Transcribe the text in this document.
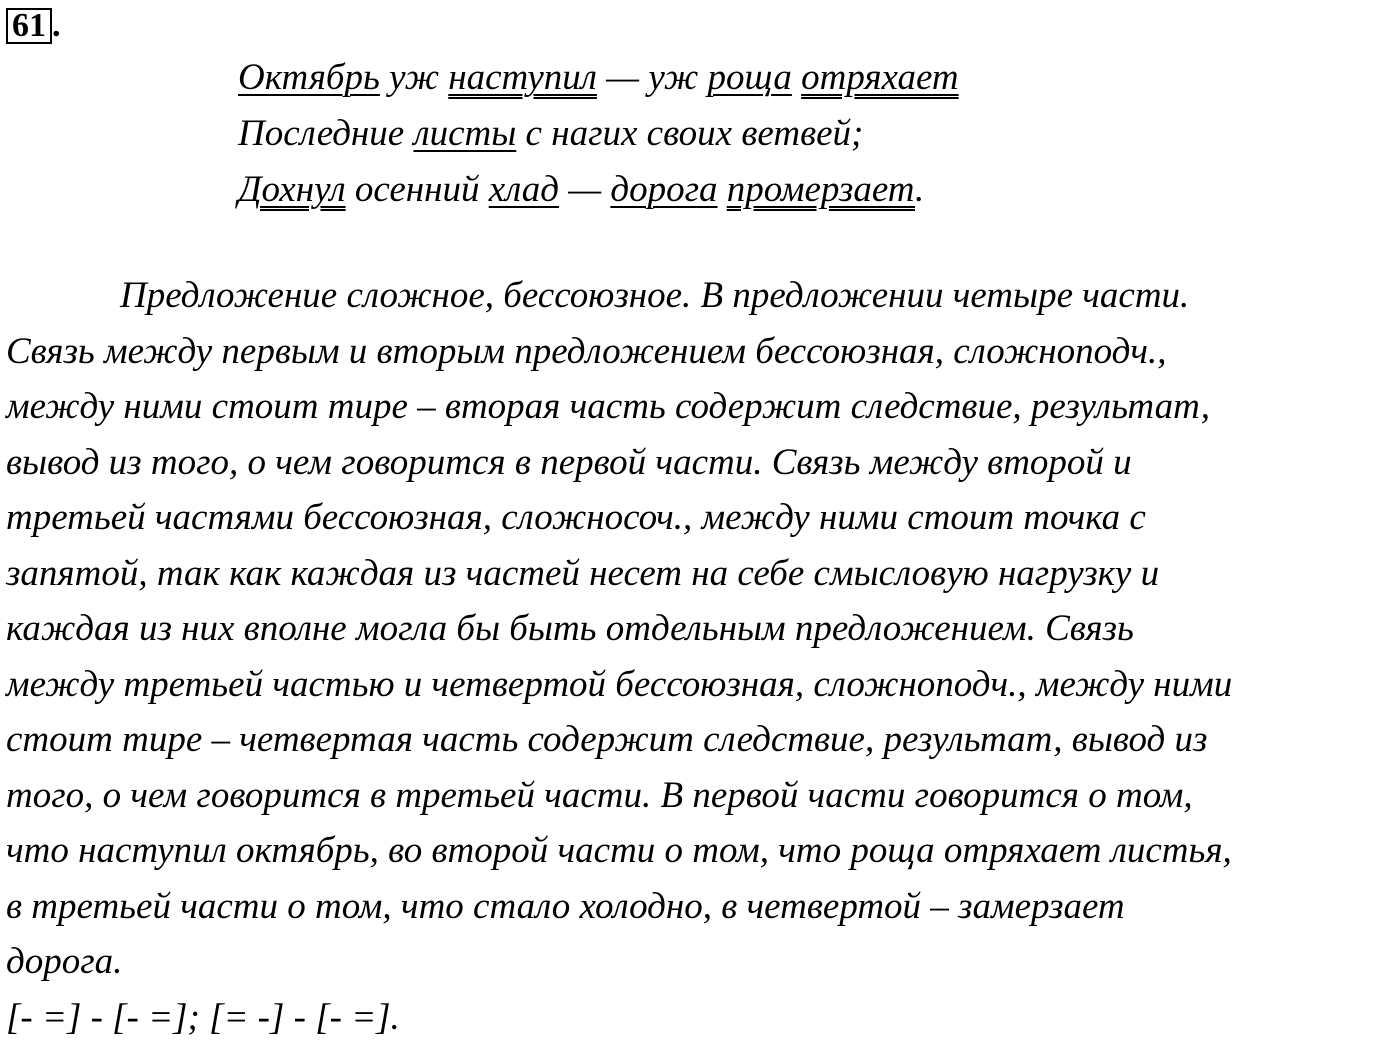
61 .
Октябрь уж наступил — уж роща отряхает
Последние листы с нагих своих ветвей;
Дохнул осенний хлад — дорога промерзает.
Предложение сложное, бессоюзное. В предложении четыре части.
Связь между первым и вторым предложением бессоюзная, сложноподч.,
между ними стоит тире – вторая часть содержит следствие, результат,
вывод из того, о чем говорится в первой части. Связь между второй и
третьей частями бессоюзная, сложносоч., между ними стоит точка с
запятой, так как каждая из частей несет на себе смысловую нагрузку и
каждая из них вполне могла бы быть отдельным предложением. Связь
между третьей частью и четвертой бессоюзная, сложноподч., между ними
стоит тире – четвертая часть содержит следствие, результат, вывод из
того, о чем говорится в третьей части. В первой части говорится о том,
что наступил октябрь, во второй части о том, что роща отряхает листья,
в третьей части о том, что стало холодно, в четвертой – замерзает
дорога.
[- =] - [- =]; [= -] - [- =].
